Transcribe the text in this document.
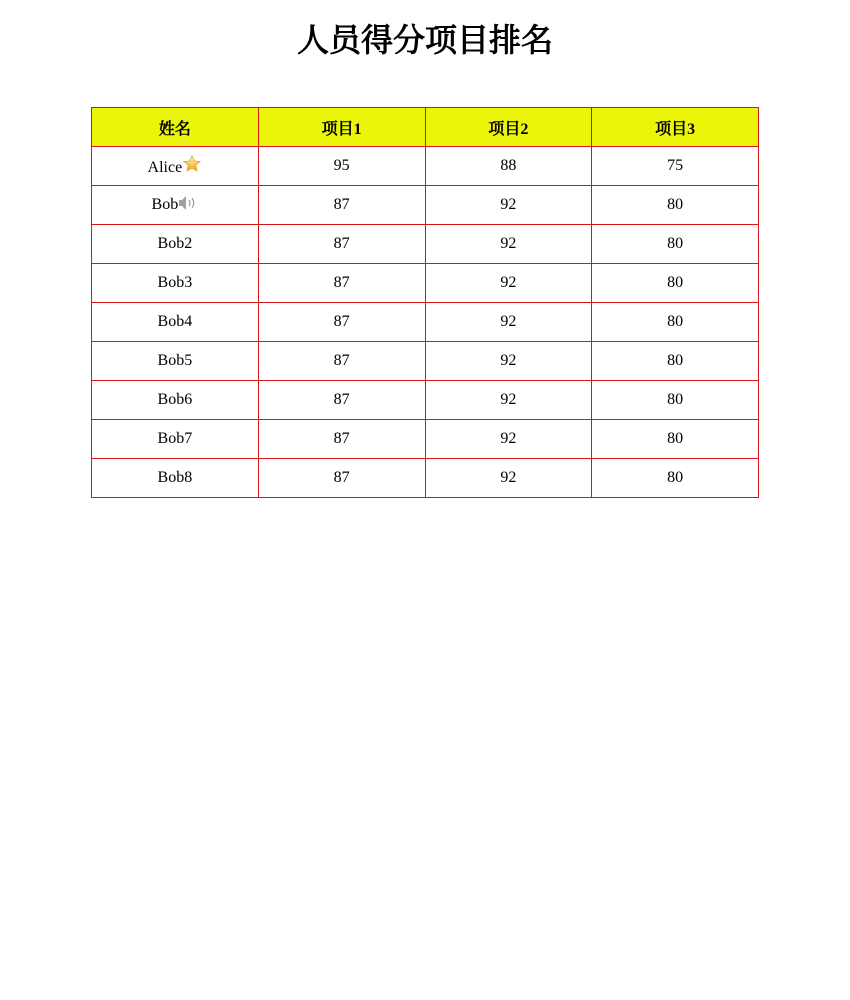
人员得分项目排名
姓名	项目1	项目2	项目3
Alice	95	88	75
Bob	87	92	80
Bob2	87	92	80
Bob3	87	92	80
Bob4	87	92	80
Bob5	87	92	80
Bob6	87	92	80
Bob7	87	92	80
Bob8	87	92	80
